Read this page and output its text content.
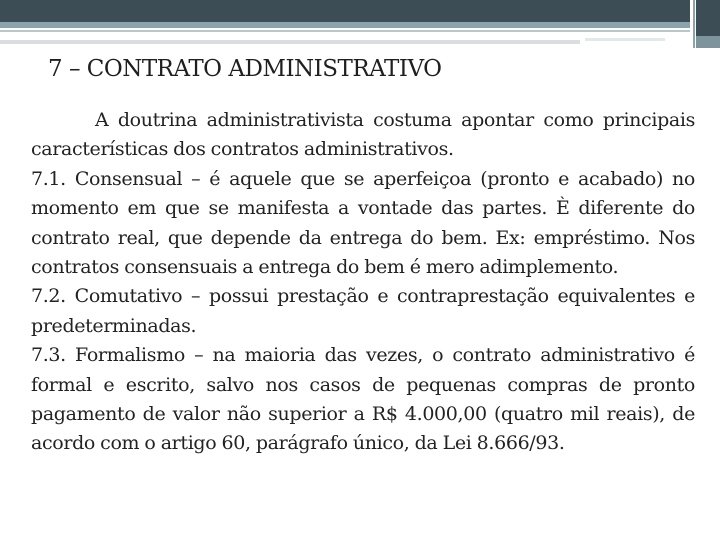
7 – CONTRATO ADMINISTRATIVO

A doutrina administrativista costuma apontar como principais características dos contratos administrativos.

7.1. Consensual – é aquele que se aperfeiçoa (pronto e acabado) no momento em que se manifesta a vontade das partes. È diferente do contrato real, que depende da entrega do bem. Ex: empréstimo. Nos contratos consensuais a entrega do bem é mero adimplemento.

7.2. Comutativo – possui prestação e contraprestação equivalentes e predeterminadas.

7.3. Formalismo – na maioria das vezes, o contrato administrativo é formal e escrito, salvo nos casos de pequenas compras de pronto pagamento de valor não superior a R$ 4.000,00 (quatro mil reais), de acordo com o artigo 60, parágrafo único, da Lei 8.666/93.
